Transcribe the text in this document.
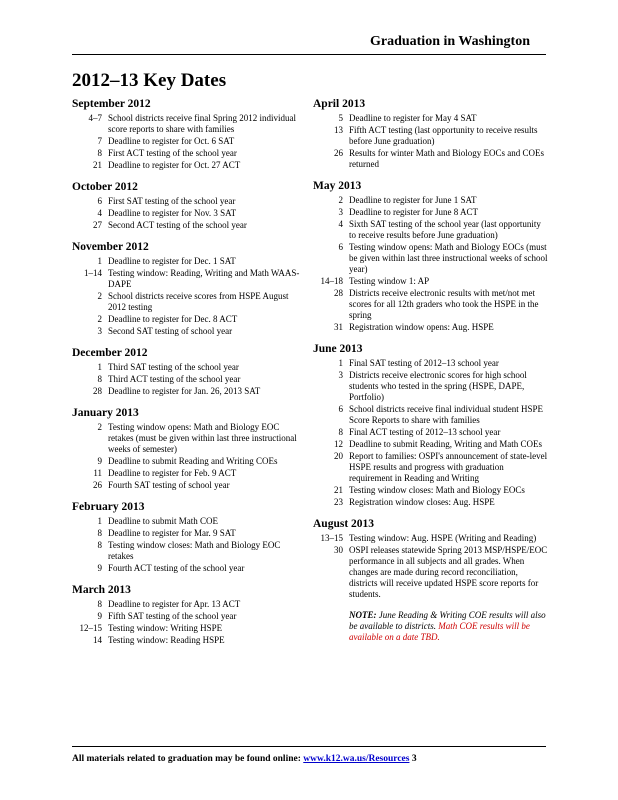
Graduation in Washington
2012–13 Key Dates
September 2012
4–7 School districts receive final Spring 2012 individual score reports to share with families
7 Deadline to register for Oct. 6 SAT
8 First ACT testing of the school year
21 Deadline to register for Oct. 27 ACT
October 2012
6 First SAT testing of the school year
4 Deadline to register for Nov. 3 SAT
27 Second ACT testing of the school year
November 2012
1 Deadline to register for Dec. 1 SAT
1–14 Testing window: Reading, Writing and Math WAAS-DAPE
2 School districts receive scores from HSPE August 2012 testing
2 Deadline to register for Dec. 8 ACT
3 Second SAT testing of school year
December 2012
1 Third SAT testing of the school year
8 Third ACT testing of the school year
28 Deadline to register for Jan. 26, 2013 SAT
January 2013
2 Testing window opens: Math and Biology EOC retakes (must be given within last three instructional weeks of semester)
9 Deadline to submit Reading and Writing COEs
11 Deadline to register for Feb. 9 ACT
26 Fourth SAT testing of school year
February 2013
1 Deadline to submit Math COE
8 Deadline to register for Mar. 9 SAT
8 Testing window closes: Math and Biology EOC retakes
9 Fourth ACT testing of the school year
March 2013
8 Deadline to register for Apr. 13 ACT
9 Fifth SAT testing of the school year
12–15 Testing window: Writing HSPE
14 Testing window: Reading HSPE
April 2013
5 Deadline to register for May 4 SAT
13 Fifth ACT testing (last opportunity to receive results before June graduation)
26 Results for winter Math and Biology EOCs and COEs returned
May 2013
2 Deadline to register for June 1 SAT
3 Deadline to register for June 8 ACT
4 Sixth SAT testing of the school year (last opportunity to receive results before June graduation)
6 Testing window opens: Math and Biology EOCs (must be given within last three instructional weeks of school year)
14–18 Testing window 1: AP
28 Districts receive electronic results with met/not met scores for all 12th graders who took the HSPE in the spring
31 Registration window opens: Aug. HSPE
June 2013
1 Final SAT testing of 2012–13 school year
3 Districts receive electronic scores for high school students who tested in the spring (HSPE, DAPE, Portfolio)
6 School districts receive final individual student HSPE Score Reports to share with families
8 Final ACT testing of 2012–13 school year
12 Deadline to submit Reading, Writing and Math COEs
20 Report to families: OSPI's announcement of state-level HSPE results and progress with graduation requirement in Reading and Writing
21 Testing window closes: Math and Biology EOCs
23 Registration window closes: Aug. HSPE
August 2013
13–15 Testing window: Aug. HSPE (Writing and Reading)
30 OSPI releases statewide Spring 2013 MSP/HSPE/EOC performance in all subjects and all grades. When changes are made during record reconciliation, districts will receive updated HSPE score reports for students.
NOTE: June Reading & Writing COE results will also be available to districts. Math COE results will be available on a date TBD.
All materials related to graduation may be found online: www.k12.wa.us/Resources 3
